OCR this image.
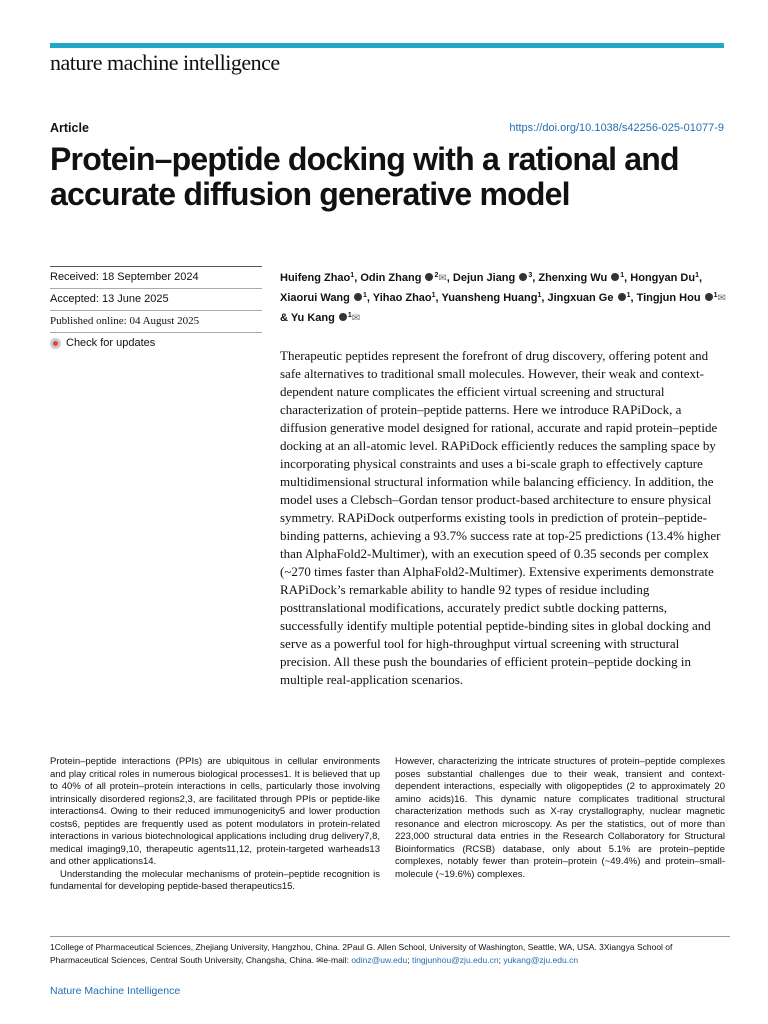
nature machine intelligence
Article	https://doi.org/10.1038/s42256-025-01077-9
Protein–peptide docking with a rational and accurate diffusion generative model
Received: 18 September 2024
Accepted: 13 June 2025
Published online: 04 August 2025
Check for updates
Huifeng Zhao$^1$, Odin Zhang $^2$✉, Dejun Jiang $^3$, Zhenxing Wu $^1$, Hongyan Du$^1$, Xiaorui Wang $^1$, Yihao Zhao$^1$, Yuansheng Huang$^1$, Jingxuan Ge $^1$, Tingjun Hou $^1$✉ & Yu Kang $^1$✉

Therapeutic peptides represent the forefront of drug discovery, offering potent and safe alternatives to traditional small molecules. However, their weak and context-dependent nature complicates the efficient virtual screening and structural characterization of protein–peptide patterns. Here we introduce RAPiDock, a diffusion generative model designed for rational, accurate and rapid protein–peptide docking at an all-atomic level. RAPiDock efficiently reduces the sampling space by incorporating physical constraints and uses a bi-scale graph to effectively capture multidimensional structural information while balancing efficiency. In addition, the model uses a Clebsch–Gordan tensor product-based architecture to ensure physical symmetry. RAPiDock outperforms existing tools in prediction of protein–peptide-binding patterns, achieving a 93.7% success rate at top-25 predictions (13.4% higher than AlphaFold2-Multimer), with an execution speed of 0.35 seconds per complex (~270 times faster than AlphaFold2-Multimer). Extensive experiments demonstrate RAPiDock’s remarkable ability to handle 92 types of residue including posttranslational modifications, accurately predict subtle docking patterns, successfully identify multiple potential peptide-binding sites in global docking and serve as a powerful tool for high-throughput virtual screening with structural precision. All these push the boundaries of efficient protein–peptide docking in multiple real-application scenarios.

Protein–peptide interactions (PPIs) are ubiquitous in cellular environments and play critical roles in numerous biological processes1. It is believed that up to 40% of all protein–protein interactions in cells, particularly those involving intrinsically disordered regions2,3, are facilitated through PPIs or peptide-like interactions4. Owing to their reduced immunogenicity5 and lower production costs6, peptides are frequently used as potent modulators in protein-related interactions in various biotechnological applications including drug delivery7,8, medical imaging9,10, therapeutic agents11,12, protein-targeted warheads13 and other applications14.

Understanding the molecular mechanisms of protein–peptide recognition is fundamental for developing peptide-based therapeutics15.

However, characterizing the intricate structures of protein–peptide complexes poses substantial challenges due to their weak, transient and context-dependent interactions, especially with oligopeptides (2 to approximately 20 amino acids)16. This dynamic nature complicates traditional structural characterization methods such as X-ray crystallography, nuclear magnetic resonance and electron microscopy. As per the statistics, out of more than 223,000 structural data entries in the Research Collaboratory for Structural Bioinformatics (RCSB) database, only about 5.1% are protein–peptide complexes, notably fewer than protein–protein (~49.4%) and protein–small-molecule (~19.6%) complexes.

1College of Pharmaceutical Sciences, Zhejiang University, Hangzhou, China. 2Paul G. Allen School, University of Washington, Seattle, WA, USA. 3Xiangya School of Pharmaceutical Sciences, Central South University, Changsha, China. ✉e-mail: odinz@uw.edu; tingjunhou@zju.edu.cn; yukang@zju.edu.cn
Nature Machine Intelligence
